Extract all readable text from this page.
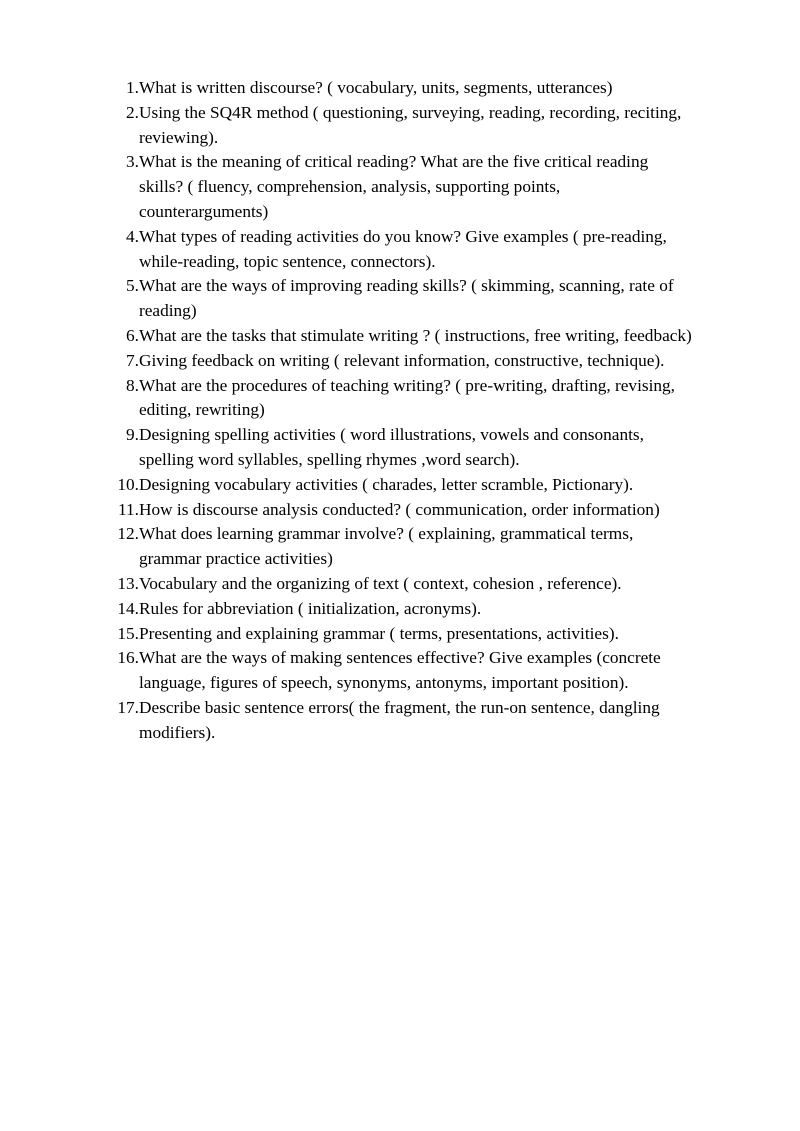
1. What is written discourse? ( vocabulary, units, segments, utterances)
2. Using the SQ4R method ( questioning, surveying, reading, recording, reciting,
reviewing).
3. What is the meaning of critical reading? What are the five critical reading
skills? ( fluency, comprehension, analysis, supporting points,
counterarguments)
4. What types of reading activities do you know? Give examples ( pre-reading,
while-reading, topic sentence, connectors).
5. What are the ways of improving reading skills? ( skimming, scanning, rate of
reading)
6. What are the tasks that stimulate writing ? ( instructions, free writing, feedback)
7. Giving feedback on writing ( relevant information, constructive, technique).
8. What are the procedures of teaching writing? ( pre-writing, drafting, revising,
editing, rewriting)
9. Designing spelling activities ( word illustrations, vowels and consonants,
spelling word syllables, spelling rhymes ,word search).
10. Designing vocabulary activities ( charades, letter scramble, Pictionary).
11. How is discourse analysis conducted? ( communication, order information)
12. What does learning grammar involve? ( explaining, grammatical terms,
grammar practice activities)
13. Vocabulary and the organizing of text ( context, cohesion , reference).
14. Rules for abbreviation ( initialization, acronyms).
15. Presenting and explaining grammar ( terms, presentations, activities).
16. What are the ways of making sentences effective? Give examples (concrete
language, figures of speech, synonyms, antonyms, important position).
17. Describe basic sentence errors( the fragment, the run-on sentence, dangling
modifiers).
